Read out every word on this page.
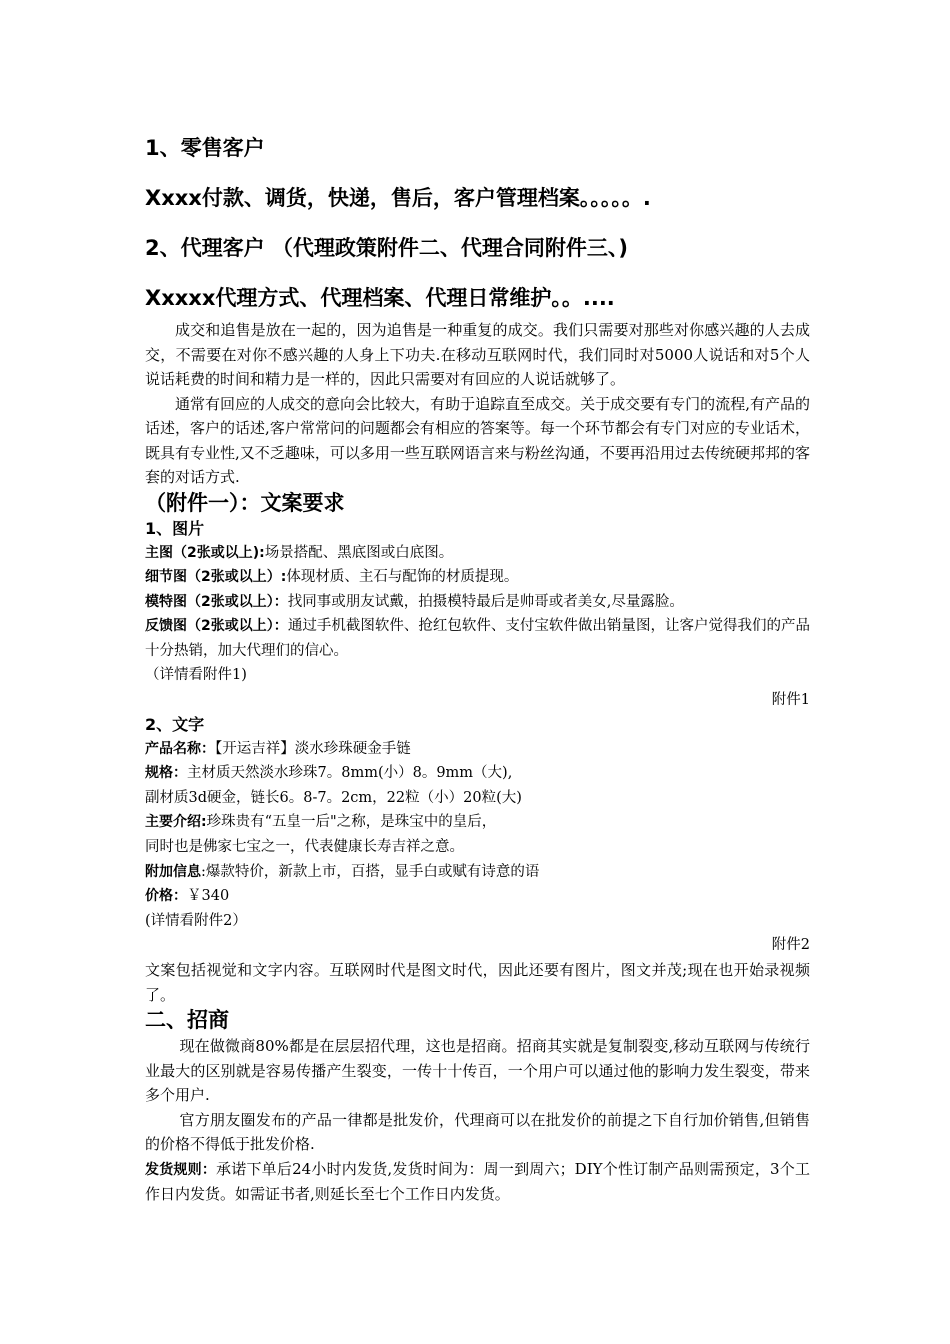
1、零售客户

Xxxx付款、调货，快递，售后，客户管理档案。。。。。.

2、代理客户 （代理政策附件二、代理合同附件三、)

Xxxxx代理方式、代理档案、代理日常维护。。....

成交和追售是放在一起的，因为追售是一种重复的成交。我们只需要对那些对你感兴趣的人去成交，不需要在对你不感兴趣的人身上下功夫.在移动互联网时代，我们同时对5000人说话和对5个人说话耗费的时间和精力是一样的，因此只需要对有回应的人说话就够了。

通常有回应的人成交的意向会比较大，有助于追踪直至成交。关于成交要有专门的流程,有产品的话述，客户的话述,客户常常问的问题都会有相应的答案等。每一个环节都会有专门对应的专业话术，既具有专业性,又不乏趣味，可以多用一些互联网语言来与粉丝沟通，不要再沿用过去传统硬邦邦的客套的对话方式.

（附件一）：文案要求

1、图片

主图（2张或以上):场景搭配、黑底图或白底图。

细节图（2张或以上）:体现材质、主石与配饰的材质提现。

模特图（2张或以上）：找同事或朋友试戴，拍摄模特最后是帅哥或者美女,尽量露脸。

反馈图（2张或以上）：通过手机截图软件、抢红包软件、支付宝软件做出销量图，让客户觉得我们的产品十分热销，加大代理们的信心。

（详情看附件1)

附件1

2、文字

产品名称：【开运吉祥】淡水珍珠硬金手链

规格：主材质天然淡水珍珠7。8mm(小）8。9mm（大),

副材质3d硬金，链长6。8-7。2cm，22粒（小）20粒(大)

主要介绍:珍珠贵有“五皇一后"之称，是珠宝中的皇后，

同时也是佛家七宝之一，代表健康长寿吉祥之意。

附加信息:爆款特价，新款上市，百搭，显手白或赋有诗意的语

价格：￥340

(详情看附件2）

附件2

文案包括视觉和文字内容。互联网时代是图文时代，因此还要有图片，图文并茂;现在也开始录视频了。

二、招商

现在做微商80%都是在层层招代理，这也是招商。招商其实就是复制裂变,移动互联网与传统行业最大的区别就是容易传播产生裂变，一传十十传百，一个用户可以通过他的影响力发生裂变，带来多个用户.

官方朋友圈发布的产品一律都是批发价，代理商可以在批发价的前提之下自行加价销售,但销售的价格不得低于批发价格.

发货规则：承诺下单后24小时内发货,发货时间为：周一到周六；DIY个性订制产品则需预定，3个工作日内发货。如需证书者,则延长至七个工作日内发货。
